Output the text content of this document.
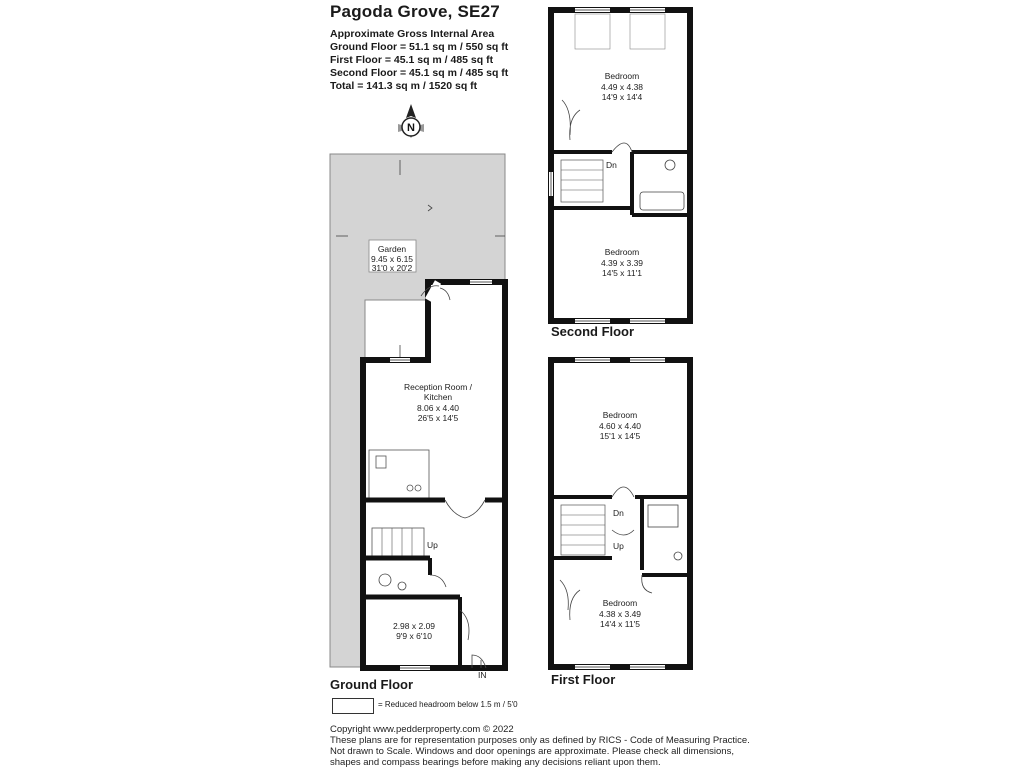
Pagoda Grove, SE27
Approximate Gross Internal Area
Ground Floor = 51.1 sq m / 550 sq ft
First Floor = 45.1 sq m / 485 sq ft
Second Floor = 45.1 sq m / 485 sq ft
Total = 141.3 sq m / 1520 sq ft
N
Garden
9.45 x 6.15
31'0 x 20'2
Reception Room /
Kitchen
8.06 x 4.40
26'5 x 14'5
2.98 x 2.09
9'9 x 6'10
Bedroom
4.49 x 4.38
14'9 x 14'4
Bedroom
4.39 x 3.39
14'5 x 11'1
Bedroom
4.60 x 4.40
15'1 x 14'5
Bedroom
4.38 x 3.49
14'4 x 11'5
Up
Dn
Dn
Up
IN
Ground Floor
Second Floor
First Floor
= Reduced headroom below 1.5 m / 5'0
Copyright www.pedderproperty.com © 2022
These plans are for representation purposes only as defined by RICS - Code of Measuring Practice.
Not drawn to Scale. Windows and door openings are approximate. Please check all dimensions,
shapes and compass bearings before making any decisions reliant upon them.
